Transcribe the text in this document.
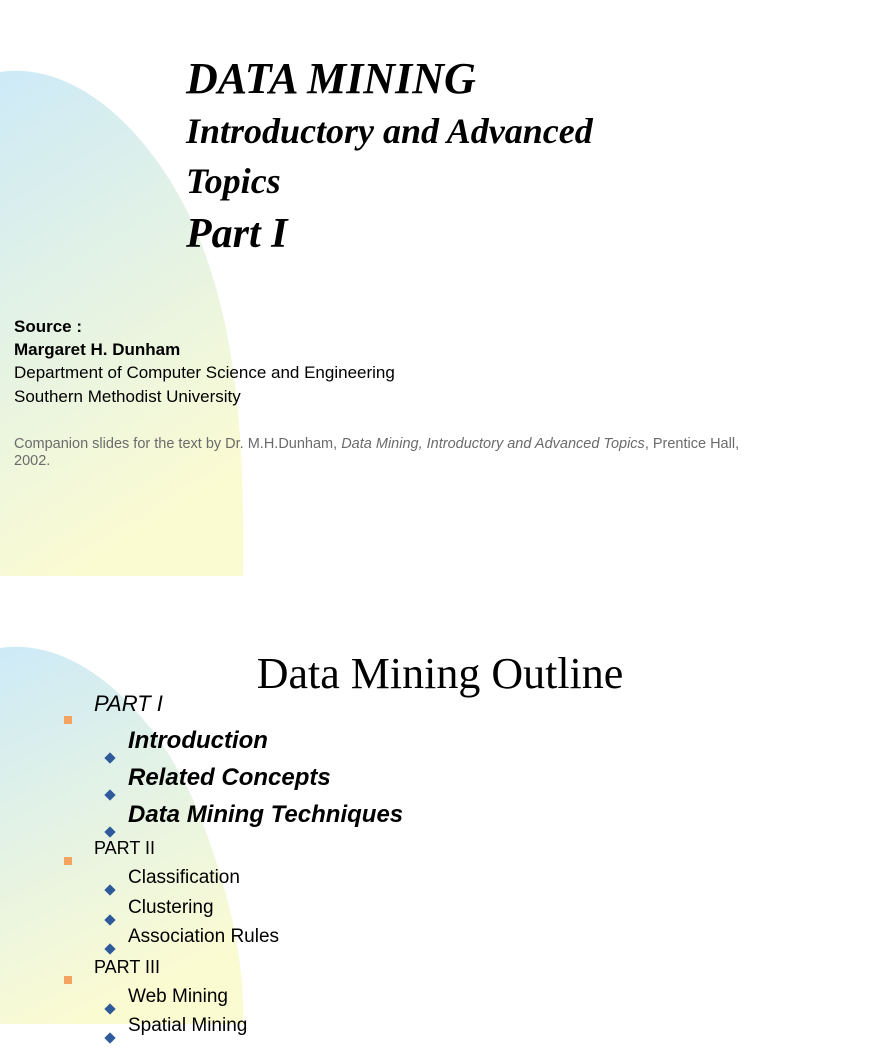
DATA MINING
Introductory and Advanced
Topics
Part I
Source :
Margaret H. Dunham
Department of Computer Science and Engineering
Southern Methodist University
Companion slides for the text by Dr. M.H.Dunham, Data Mining, Introductory and Advanced Topics, Prentice Hall, 2002.
Data Mining Outline
PART I
Introduction
Related Concepts
Data Mining Techniques
PART II
Classification
Clustering
Association Rules
PART III
Web Mining
Spatial Mining
